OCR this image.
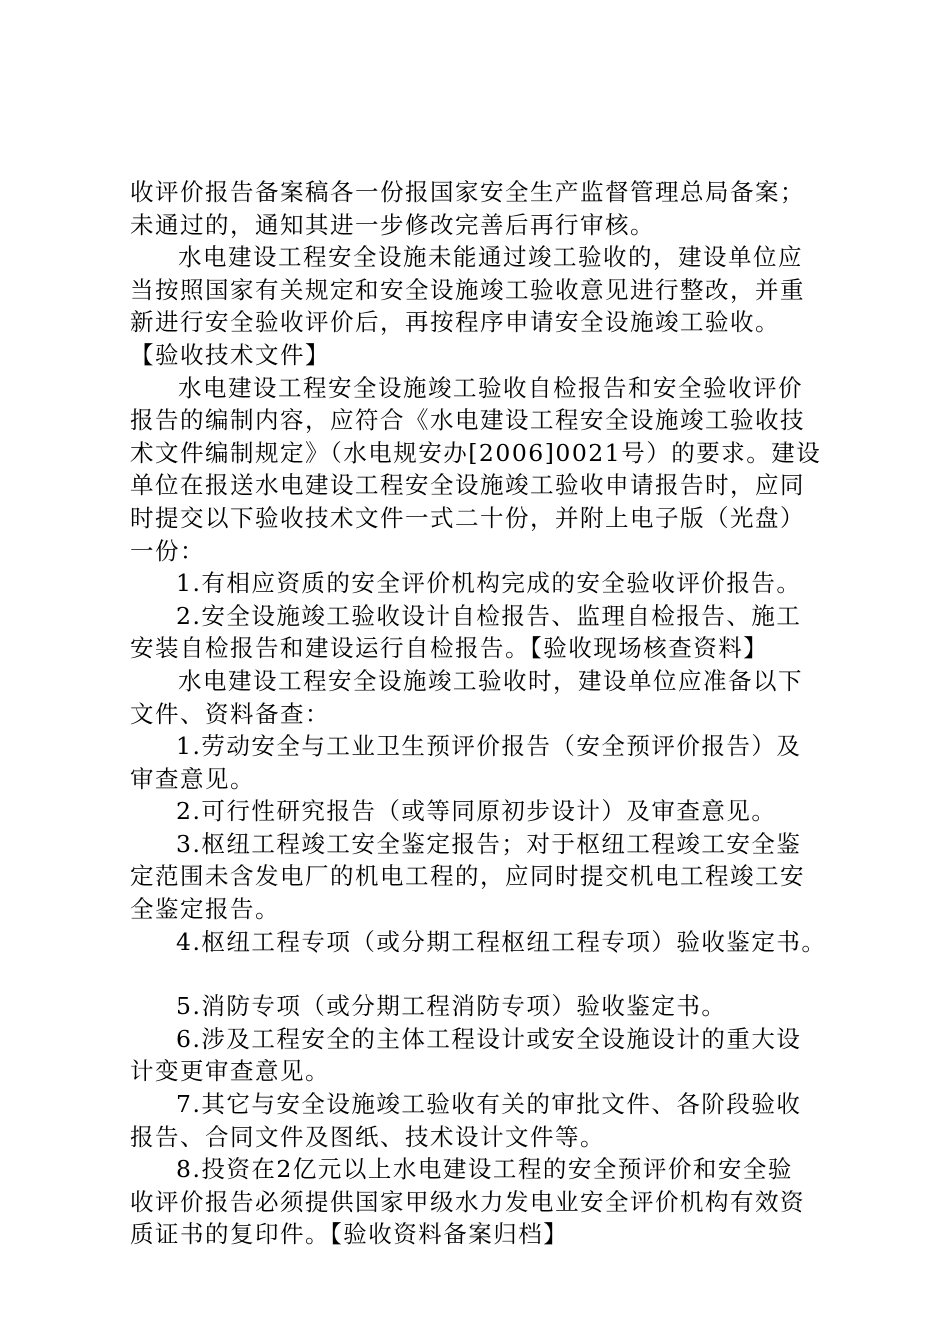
收评价报告备案稿各一份报国家安全生产监督管理总局备案；
未通过的，通知其进一步修改完善后再行审核。
水电建设工程安全设施未能通过竣工验收的，建设单位应
当按照国家有关规定和安全设施竣工验收意见进行整改，并重
新进行安全验收评价后，再按程序申请安全设施竣工验收。
【验收技术文件】
水电建设工程安全设施竣工验收自检报告和安全验收评价
报告的编制内容，应符合《水电建设工程安全设施竣工验收技
术文件编制规定》（水电规安办[2006]0021号）的要求。建设
单位在报送水电建设工程安全设施竣工验收申请报告时，应同
时提交以下验收技术文件一式二十份，并附上电子版（光盘）
一份：
1.有相应资质的安全评价机构完成的安全验收评价报告。
2.安全设施竣工验收设计自检报告、监理自检报告、施工
安装自检报告和建设运行自检报告。【验收现场核查资料】
水电建设工程安全设施竣工验收时，建设单位应准备以下
文件、资料备查：
1.劳动安全与工业卫生预评价报告（安全预评价报告）及
审查意见。
2.可行性研究报告（或等同原初步设计）及审查意见。
3.枢纽工程竣工安全鉴定报告；对于枢纽工程竣工安全鉴
定范围未含发电厂的机电工程的，应同时提交机电工程竣工安
全鉴定报告。
4.枢纽工程专项（或分期工程枢纽工程专项）验收鉴定书。
5.消防专项（或分期工程消防专项）验收鉴定书。
6.涉及工程安全的主体工程设计或安全设施设计的重大设
计变更审查意见。
7.其它与安全设施竣工验收有关的审批文件、各阶段验收
报告、合同文件及图纸、技术设计文件等。
8.投资在2亿元以上水电建设工程的安全预评价和安全验
收评价报告必须提供国家甲级水力发电业安全评价机构有效资
质证书的复印件。【验收资料备案归档】
